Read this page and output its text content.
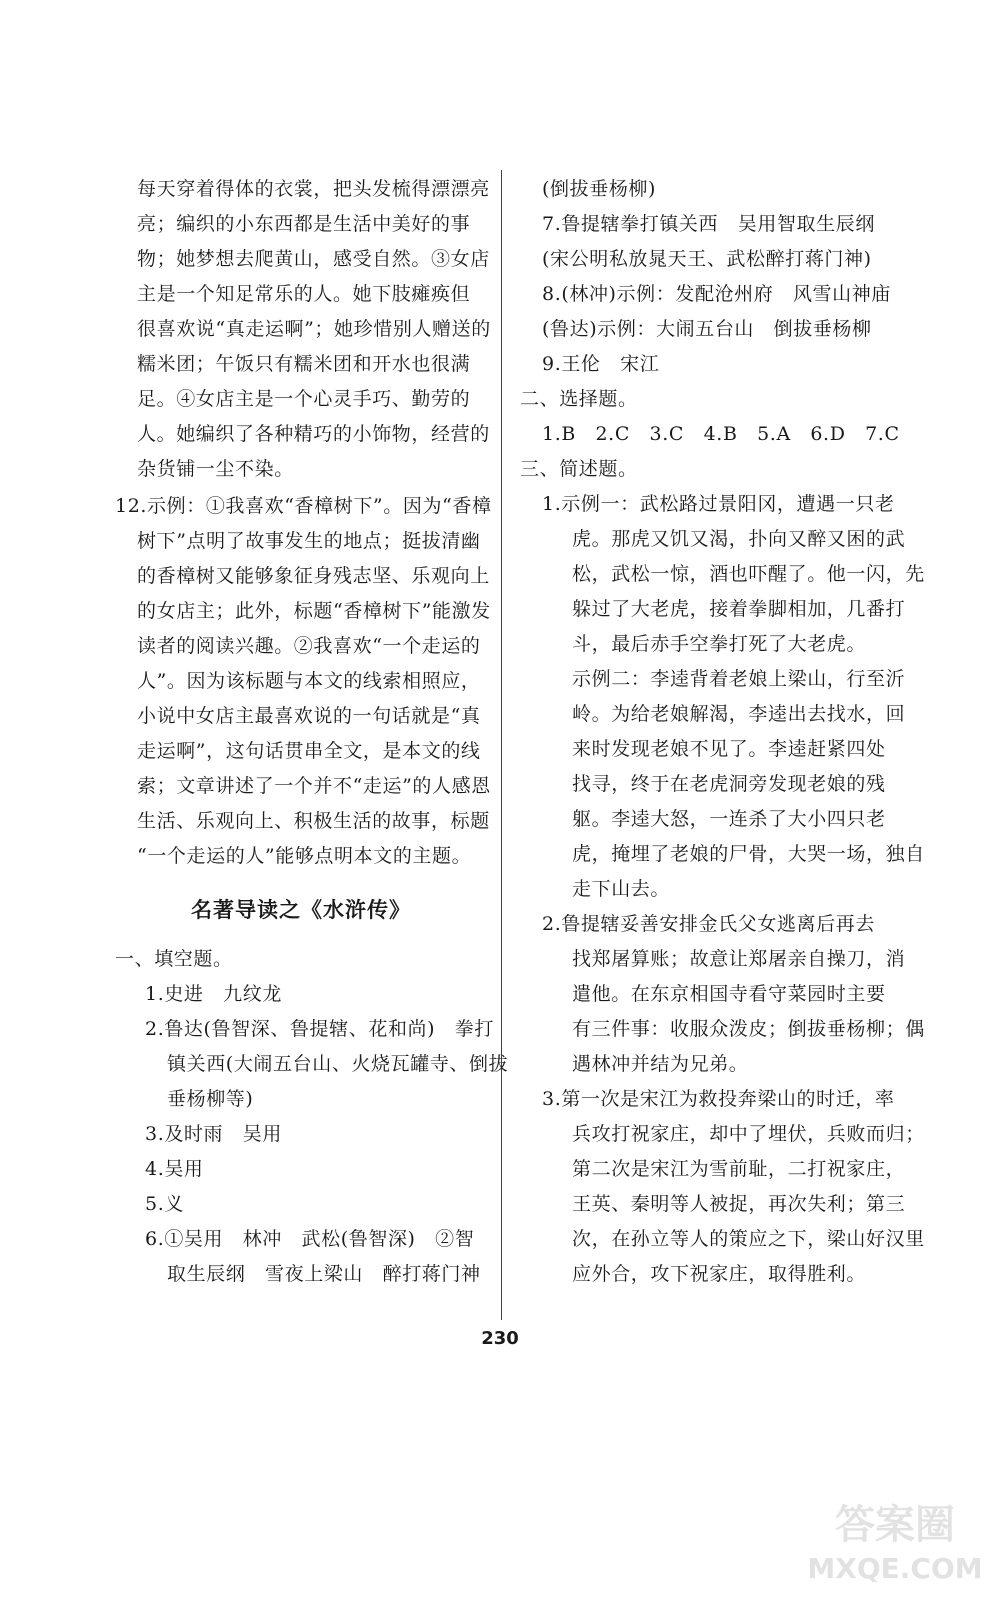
每天穿着得体的衣裳，把头发梳得漂漂亮
亮；编织的小东西都是生活中美好的事
物；她梦想去爬黄山，感受自然。③女店
主是一个知足常乐的人。她下肢瘫痪但
很喜欢说“真走运啊”；她珍惜别人赠送的
糯米团；午饭只有糯米团和开水也很满
足。④女店主是一个心灵手巧、勤劳的
人。她编织了各种精巧的小饰物，经营的
杂货铺一尘不染。
12.示例：①我喜欢“香樟树下”。因为“香樟
树下”点明了故事发生的地点；挺拔清幽
的香樟树又能够象征身残志坚、乐观向上
的女店主；此外，标题“香樟树下”能激发
读者的阅读兴趣。②我喜欢“一个走运的
人”。因为该标题与本文的线索相照应，
小说中女店主最喜欢说的一句话就是“真
走运啊”，这句话贯串全文，是本文的线
索；文章讲述了一个并不“走运”的人感恩
生活、乐观向上、积极生活的故事，标题
“一个走运的人”能够点明本文的主题。
名著导读之《水浒传》
一、填空题。
1.史进　九纹龙
2.鲁达(鲁智深、鲁提辖、花和尚)　拳打
镇关西(大闹五台山、火烧瓦罐寺、倒拔
垂杨柳等)
3.及时雨　吴用
4.吴用
5.义
6.①吴用　林冲　武松(鲁智深)　②智
取生辰纲　雪夜上梁山　醉打蒋门神
(倒拔垂杨柳)
7.鲁提辖拳打镇关西　吴用智取生辰纲
(宋公明私放晁天王、武松醉打蒋门神)
8.(林冲)示例：发配沧州府　风雪山神庙
(鲁达)示例：大闹五台山　倒拔垂杨柳
9.王伦　宋江
二、选择题。
1.B　2.C　3.C　4.B　5.A　6.D　7.C
三、简述题。
1.示例一：武松路过景阳冈，遭遇一只老
虎。那虎又饥又渴，扑向又醉又困的武
松，武松一惊，酒也吓醒了。他一闪，先
躲过了大老虎，接着拳脚相加，几番打
斗，最后赤手空拳打死了大老虎。
示例二：李逵背着老娘上梁山，行至沂
岭。为给老娘解渴，李逵出去找水，回
来时发现老娘不见了。李逵赶紧四处
找寻，终于在老虎洞旁发现老娘的残
躯。李逵大怒，一连杀了大小四只老
虎，掩埋了老娘的尸骨，大哭一场，独自
走下山去。
2.鲁提辖妥善安排金氏父女逃离后再去
找郑屠算账；故意让郑屠亲自操刀，消
遣他。在东京相国寺看守菜园时主要
有三件事：收服众泼皮；倒拔垂杨柳；偶
遇林冲并结为兄弟。
3.第一次是宋江为救投奔梁山的时迁，率
兵攻打祝家庄，却中了埋伏，兵败而归；
第二次是宋江为雪前耻，二打祝家庄，
王英、秦明等人被捉，再次失利；第三
次，在孙立等人的策应之下，梁山好汉里
应外合，攻下祝家庄，取得胜利。
230
答案圈
MXQE.COM
